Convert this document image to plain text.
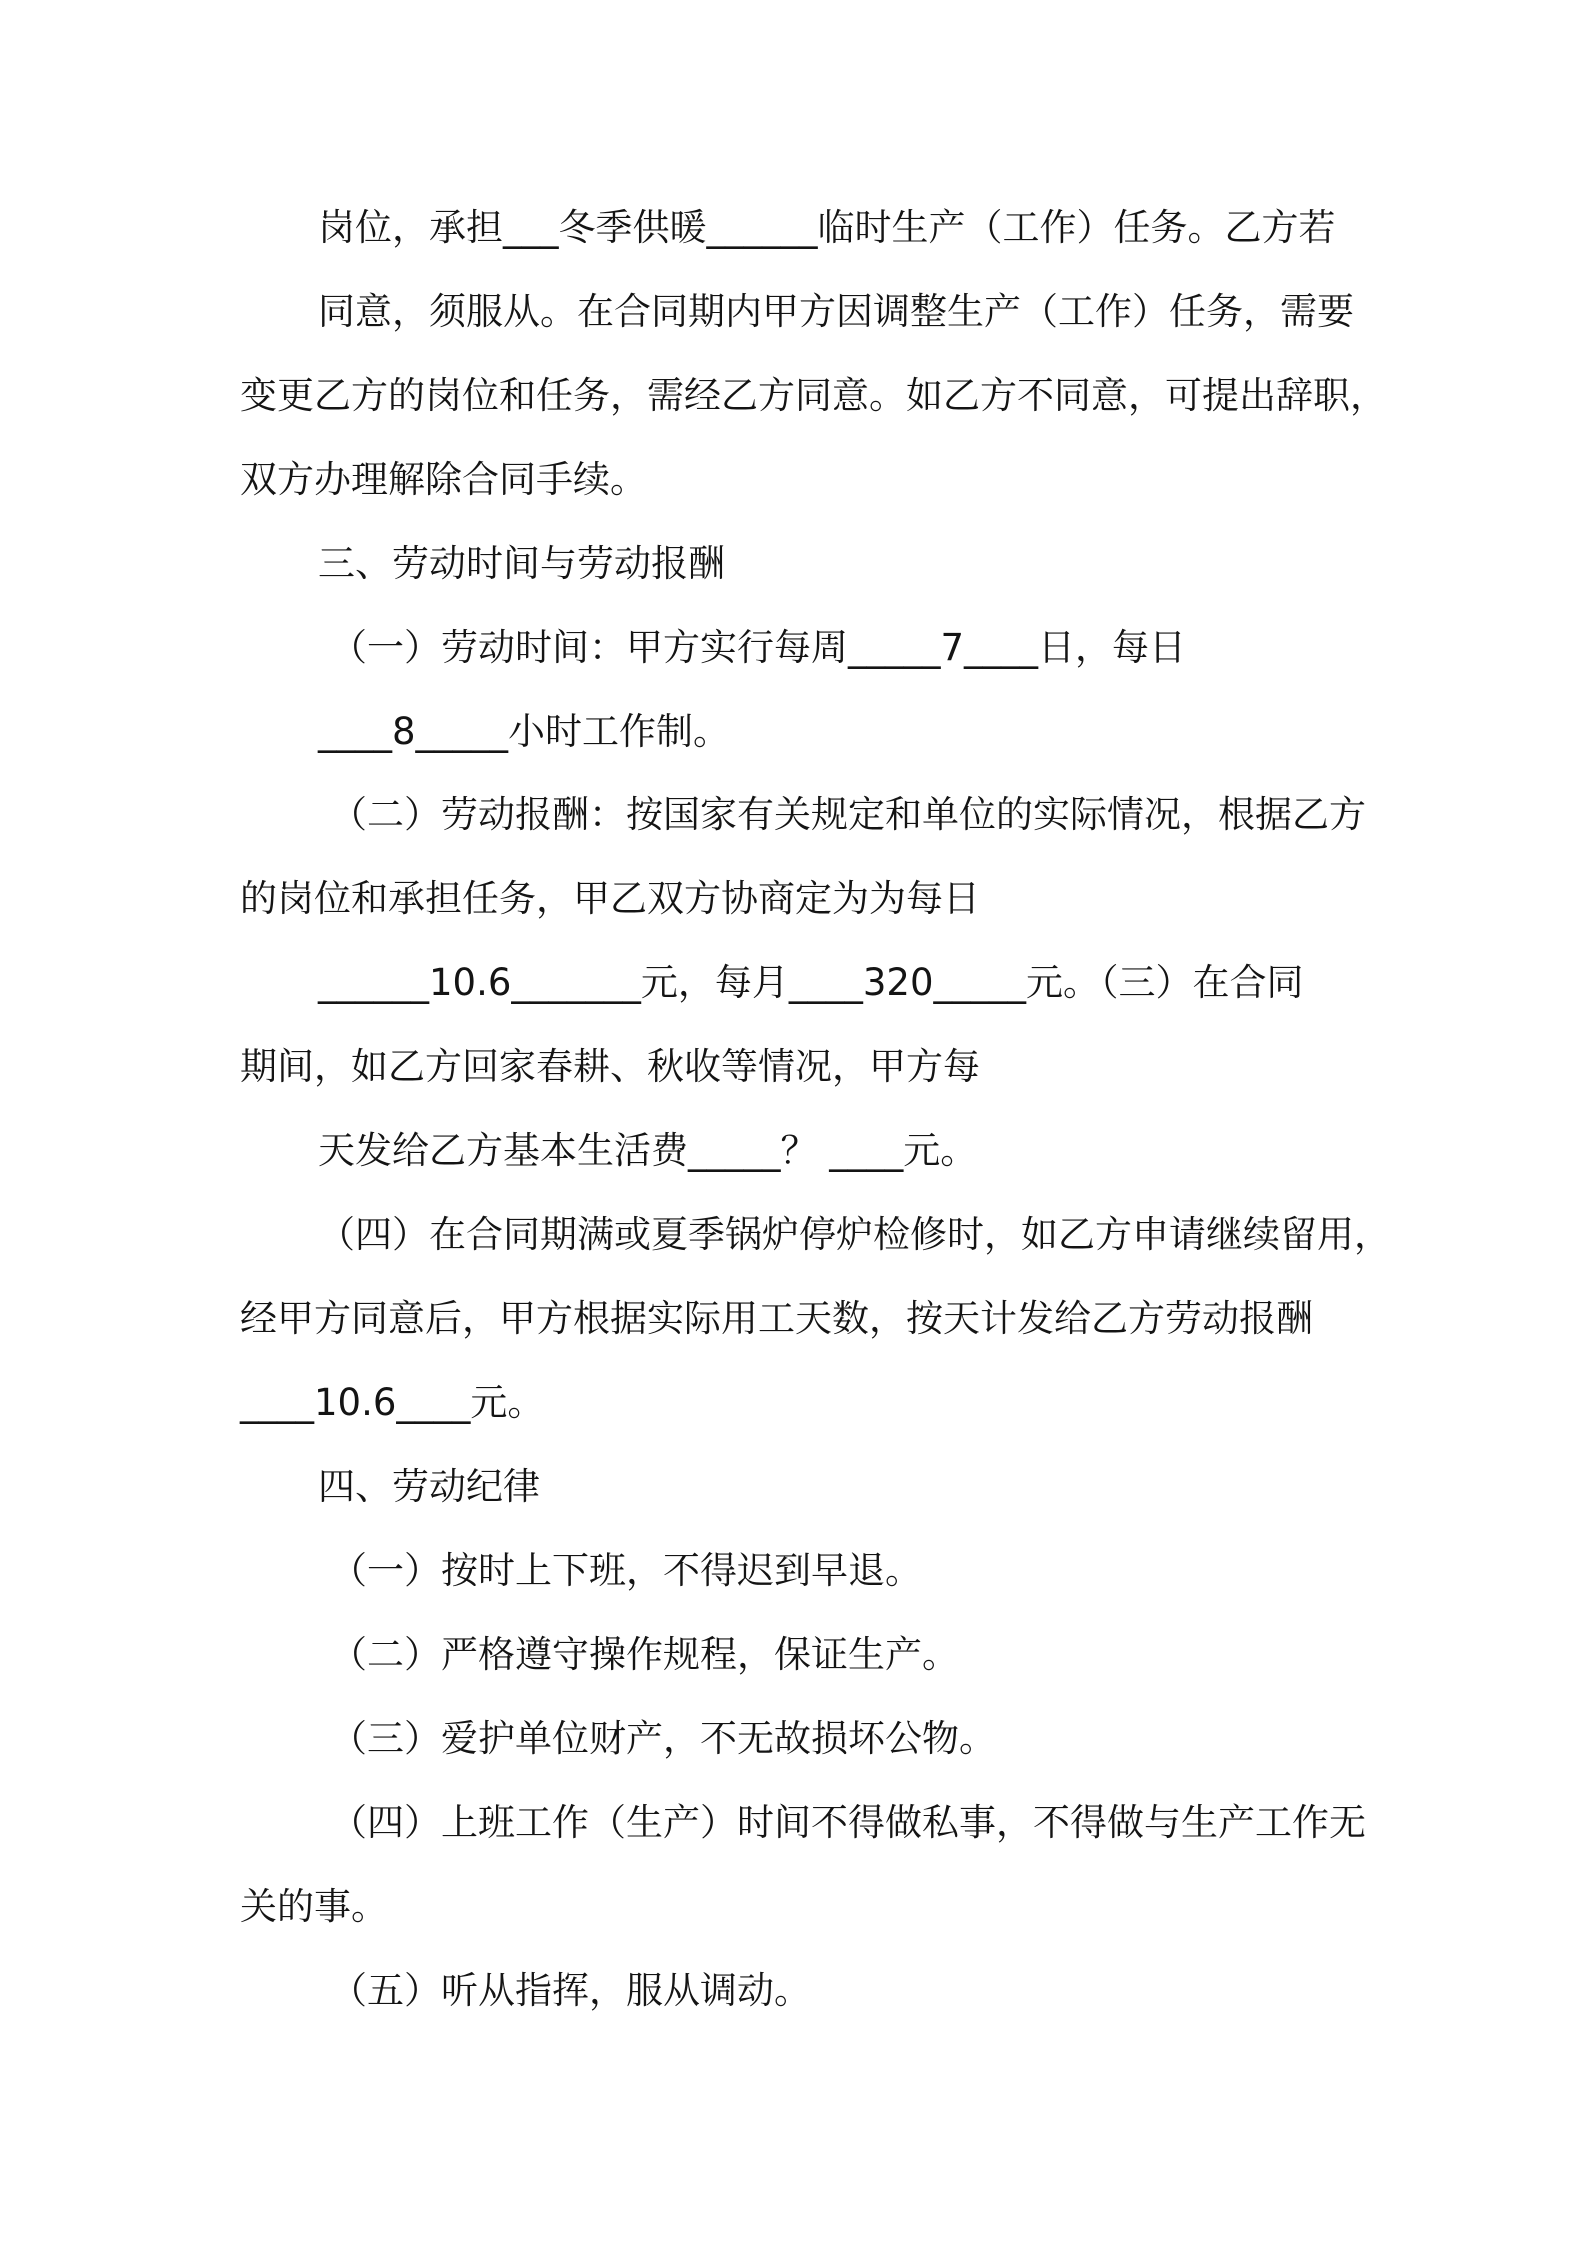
岗位，承担___冬季供暖______临时生产（工作）任务。乙方若
同意，须服从。在合同期内甲方因调整生产（工作）任务，需要
变更乙方的岗位和任务，需经乙方同意。如乙方不同意，可提出辞职，
双方办理解除合同手续。
三、劳动时间与劳动报酬
（一）劳动时间：甲方实行每周_____7____日，每日
____8_____小时工作制。
（二）劳动报酬：按国家有关规定和单位的实际情况，根据乙方
的岗位和承担任务，甲乙双方协商定为为每日
______10.6_______元，每月____320_____元。（三）在合同
期间，如乙方回家春耕、秋收等情况，甲方每
天发给乙方基本生活费_____？ ____元。
（四）在合同期满或夏季锅炉停炉检修时，如乙方申请继续留用，
经甲方同意后，甲方根据实际用工天数，按天计发给乙方劳动报酬
____10.6____元。
四、劳动纪律
（一）按时上下班，不得迟到早退。
（二）严格遵守操作规程，保证生产。
（三）爱护单位财产，不无故损坏公物。
（四）上班工作（生产）时间不得做私事，不得做与生产工作无
关的事。
（五）听从指挥，服从调动。
